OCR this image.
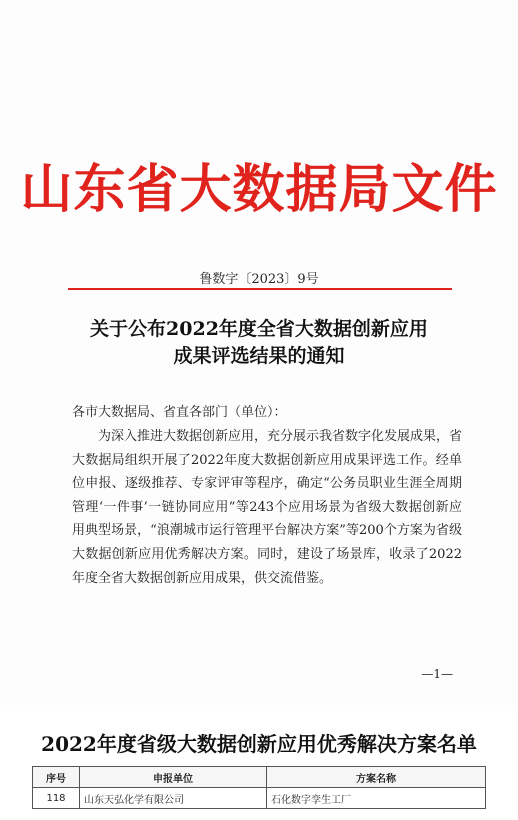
山东省大数据局文件
鲁数字〔2023〕9号
关于公布2022年度全省大数据创新应用
成果评选结果的通知
各市大数据局、省直各部门（单位）：
为深入推进大数据创新应用，充分展示我省数字化发展成果，省大数据局组织开展了2022年度大数据创新应用成果评选工作。经单位申报、逐级推荐、专家评审等程序，确定“公务员职业生涯全周期管理‘一件事’一链协同应用”等243个应用场景为省级大数据创新应用典型场景，“浪潮城市运行管理平台解决方案”等200个方案为省级大数据创新应用优秀解决方案。同时，建设了场景库，收录了2022年度全省大数据创新应用成果，供交流借鉴。
—1—
2022年度省级大数据创新应用优秀解决方案名单
序号	申报单位	方案名称
118	山东天弘化学有限公司	石化数字孪生工厂
